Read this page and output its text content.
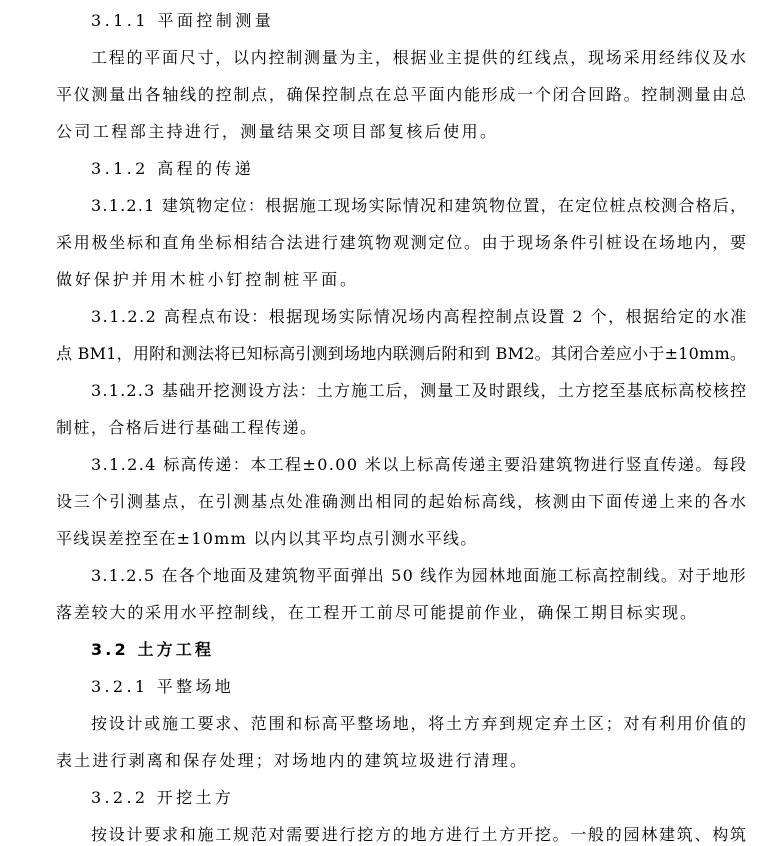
3.1.1 平面控制测量
工程的平面尺寸，以内控制测量为主，根据业主提供的红线点，现场采用经纬仪及水
平仪测量出各轴线的控制点，确保控制点在总平面内能形成一个闭合回路。控制测量由总
公司工程部主持进行，测量结果交项目部复核后使用。
3.1.2 高程的传递
3.1.2.1 建筑物定位：根据施工现场实际情况和建筑物位置，在定位桩点校测合格后，
采用极坐标和直角坐标相结合法进行建筑物观测定位。由于现场条件引桩设在场地内，要
做好保护并用木桩小钉控制桩平面。
3.1.2.2 高程点布设：根据现场实际情况场内高程控制点设置 2 个，根据给定的水准
点 BM1，用附和测法将已知标高引测到场地内联测后附和到 BM2。其闭合差应小于±10mm。
3.1.2.3 基础开挖测设方法：土方施工后，测量工及时跟线，土方挖至基底标高校核控
制桩，合格后进行基础工程传递。
3.1.2.4 标高传递：本工程±0.00 米以上标高传递主要沿建筑物进行竖直传递。每段
设三个引测基点，在引测基点处准确测出相同的起始标高线，核测由下面传递上来的各水
平线误差控至在±10mm 以内以其平均点引测水平线。
3.1.2.5 在各个地面及建筑物平面弹出 50 线作为园林地面施工标高控制线。对于地形
落差较大的采用水平控制线，在工程开工前尽可能提前作业，确保工期目标实现。
3.2 土方工程
3.2.1 平整场地
按设计或施工要求、范围和标高平整场地，将土方弃到规定弃土区；对有利用价值的
表土进行剥离和保存处理；对场地内的建筑垃圾进行清理。
3.2.2 开挖土方
按设计要求和施工规范对需要进行挖方的地方进行土方开挖。一般的园林建筑、构筑
